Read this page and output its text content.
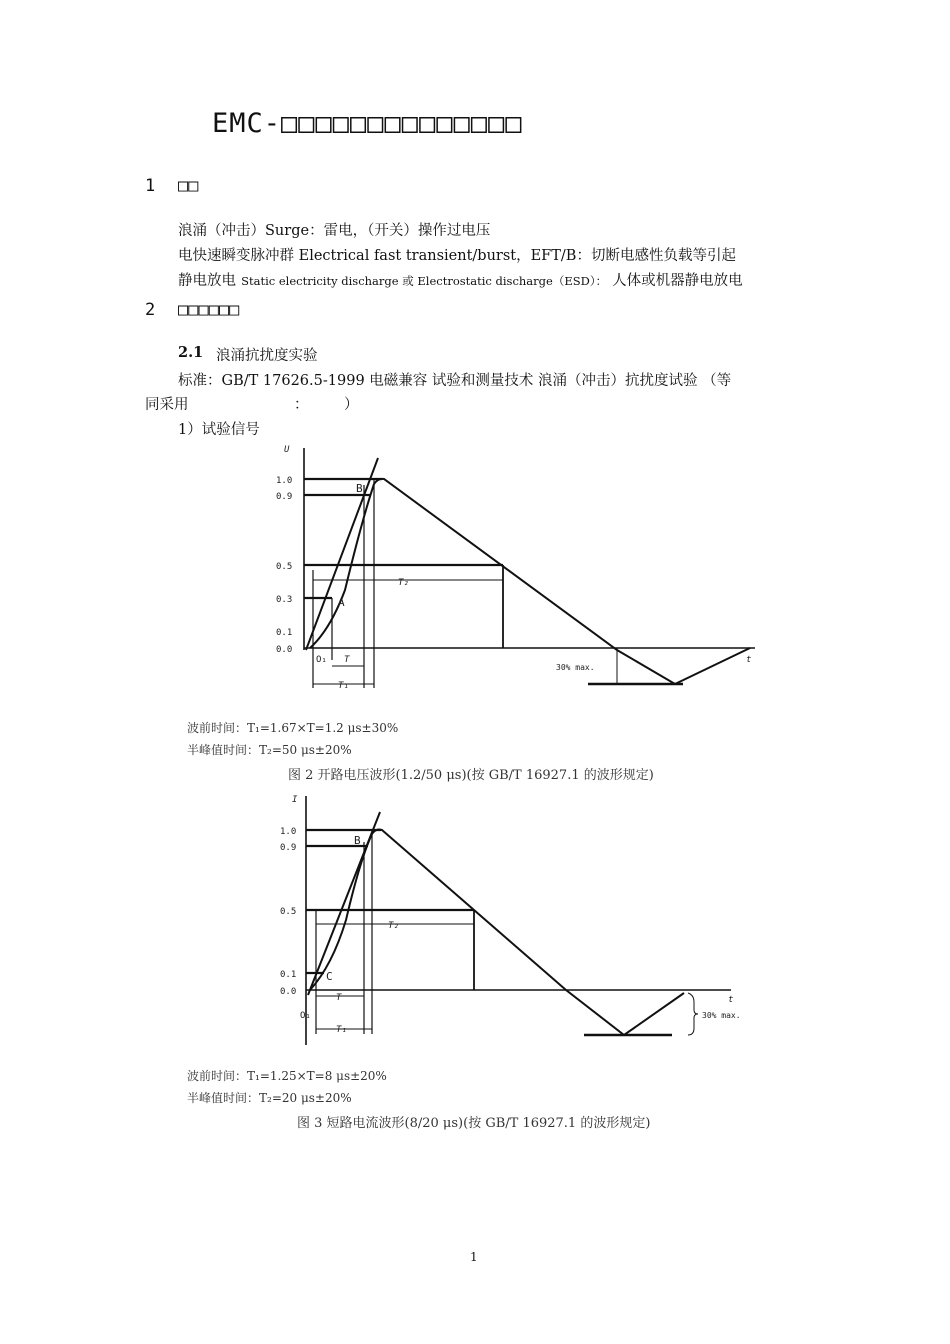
EMC-□□□□□□□□□□□□□□
1 □□
浪涌（冲击）Surge：雷电，（开关）操作过电压
电快速瞬变脉冲群 Electrical fast transient/burst，EFT/B：切断电感性负载等引起
静电放电 Static electricity discharge 或 Electrostatic discharge（ESD）： 人体或机器静电放电
2 □□□□□□
2.1 浪涌抗扰度实验
标准：GB/T 17626.5-1999 电磁兼容 试验和测量技术 浪涌（冲击）抗扰度试验 （等
同采用	： ）
1）试验信号
U
t
1.0
0.9
0.5
0.3
0.1
0.0
B
A
O₁ T
T₁
T₂
30% max.
波前时间：T₁=1.67×T=1.2 μs±30%
半峰值时间：T₂=50 μs±20%
图 2 开路电压波形(1.2/50 μs)(按 GB/T 16927.1 的波形规定)
I
t
1.0
0.9
0.5
0.1
0.0
B
C
O₁
T
T₁
T₂
30% max.
波前时间：T₁=1.25×T=8 μs±20%
半峰值时间：T₂=20 μs±20%
图 3 短路电流波形(8/20 μs)(按 GB/T 16927.1 的波形规定)
1
